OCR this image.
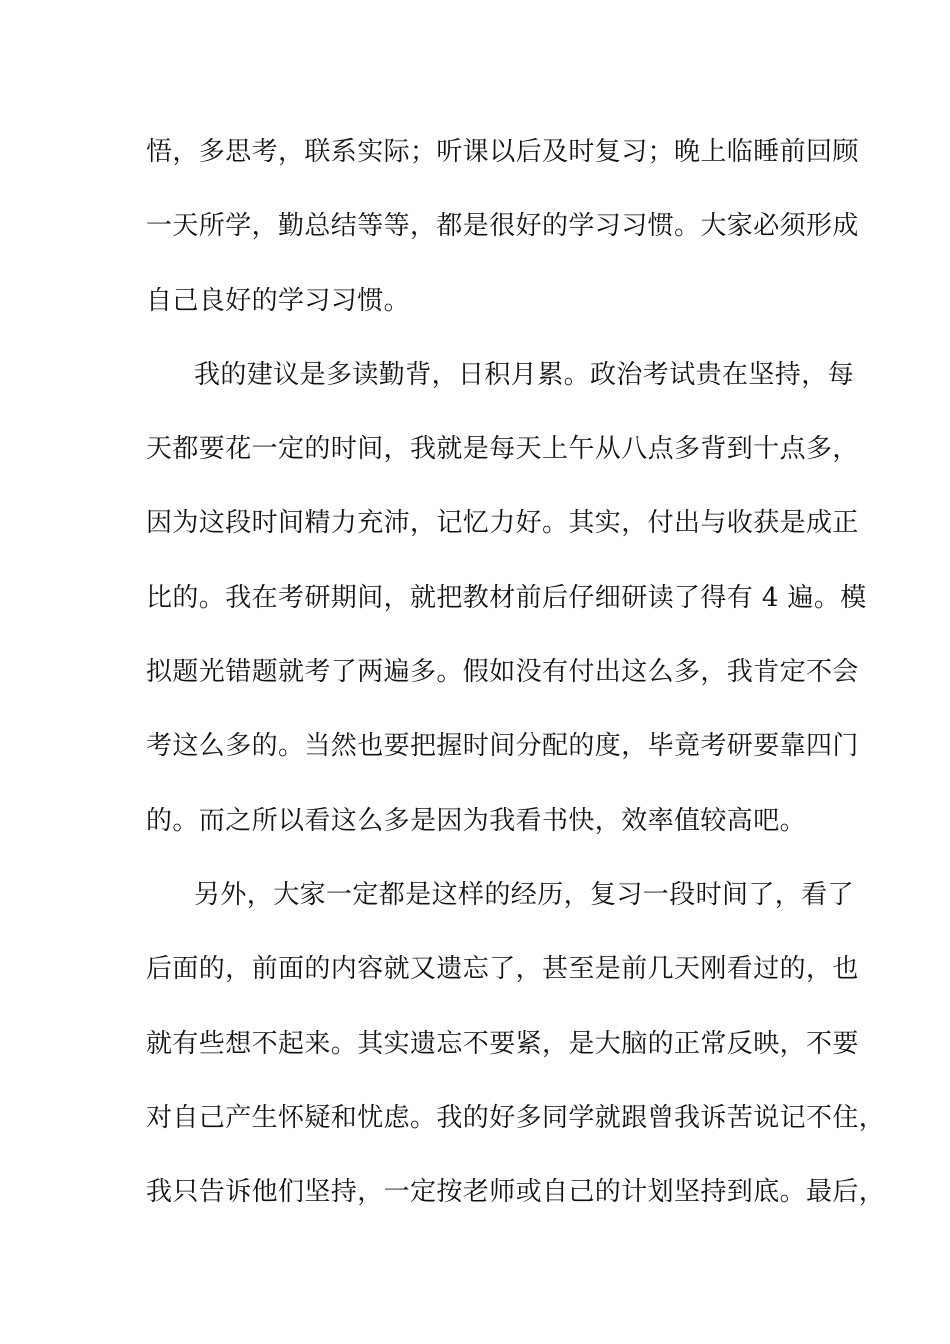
悟，多思考，联系实际；听课以后及时复习；晚上临睡前回顾
一天所学，勤总结等等，都是很好的学习习惯。大家必须形成
自己良好的学习习惯。
我的建议是多读勤背，日积月累。政治考试贵在坚持，每
天都要花一定的时间，我就是每天上午从八点多背到十点多，
因为这段时间精力充沛，记忆力好。其实，付出与收获是成正
比的。我在考研期间，就把教材前后仔细研读了得有 4 遍。模
拟题光错题就考了两遍多。假如没有付出这么多，我肯定不会
考这么多的。当然也要把握时间分配的度，毕竟考研要靠四门
的。而之所以看这么多是因为我看书快，效率值较高吧。
另外，大家一定都是这样的经历，复习一段时间了，看了
后面的，前面的内容就又遗忘了，甚至是前几天刚看过的，也
就有些想不起来。其实遗忘不要紧，是大脑的正常反映，不要
对自己产生怀疑和忧虑。我的好多同学就跟曾我诉苦说记不住，
我只告诉他们坚持，一定按老师或自己的计划坚持到底。最后，
